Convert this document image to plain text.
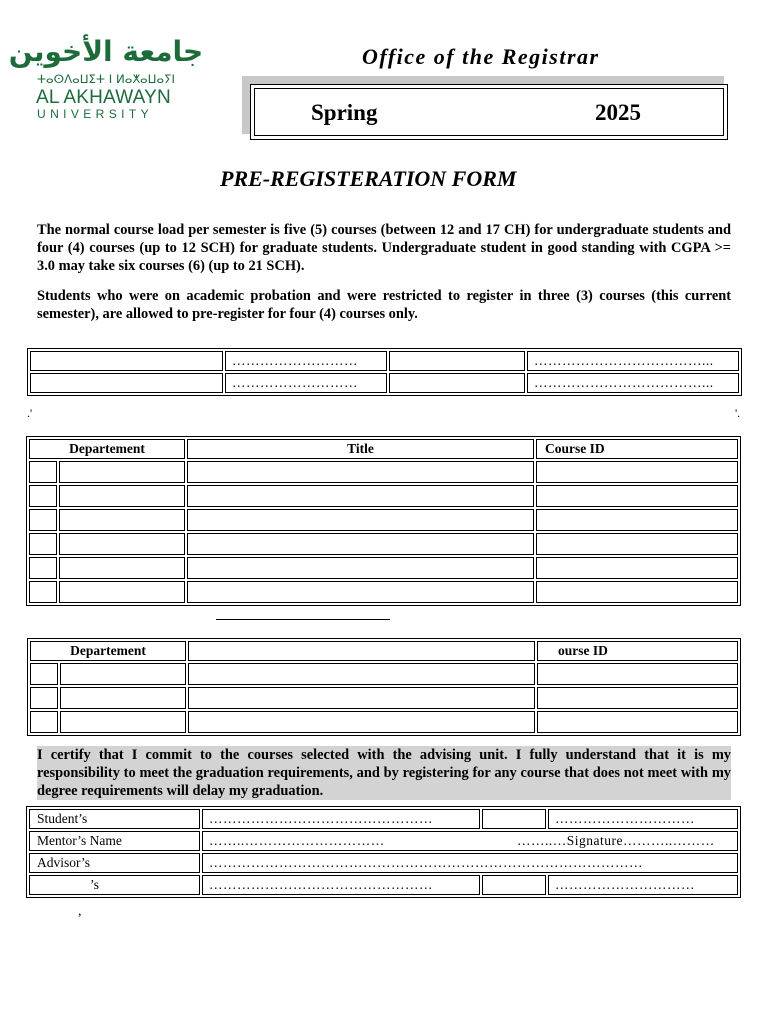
جامعة الأخوين
ⵜⴰⵙⴷⴰⵡⵉⵜ ⵏ ⵍⴰⵅⴰⵡⴰⵢⵏ
AL AKHAWAYN
UNIVERSITY
Office of the Registrar
Spring	2025
PRE-REGISTERATION FORM
The normal course load per semester is five (5) courses (between 12 and 17 CH) for undergraduate students and four (4) courses (up to 12 SCH) for graduate students. Undergraduate student in good standing with CGPA >= 3.0 may take six courses (6) (up to 21 SCH).
Students who were on academic probation and were restricted to register in three (3) courses (this current semester), are allowed to pre-register for four (4) courses only.
	………………………		………………………………...
	………………………		………………………………...
.'	'.
Departement		Title	Course ID

Departement			ourse ID

I certify that I commit to the courses selected with the advising unit. I fully understand that it is my responsibility to meet the graduation requirements, and by registering for any course that does not meet with my degree requirements will delay my graduation.
Student’s	…………………………………………		…………………………
Mentor’s Name	……..………………………… ……..…Signature………..………		

Advisor’s	…………………………………………………………………………………		
’s	…………………………………………		…………………………
,
